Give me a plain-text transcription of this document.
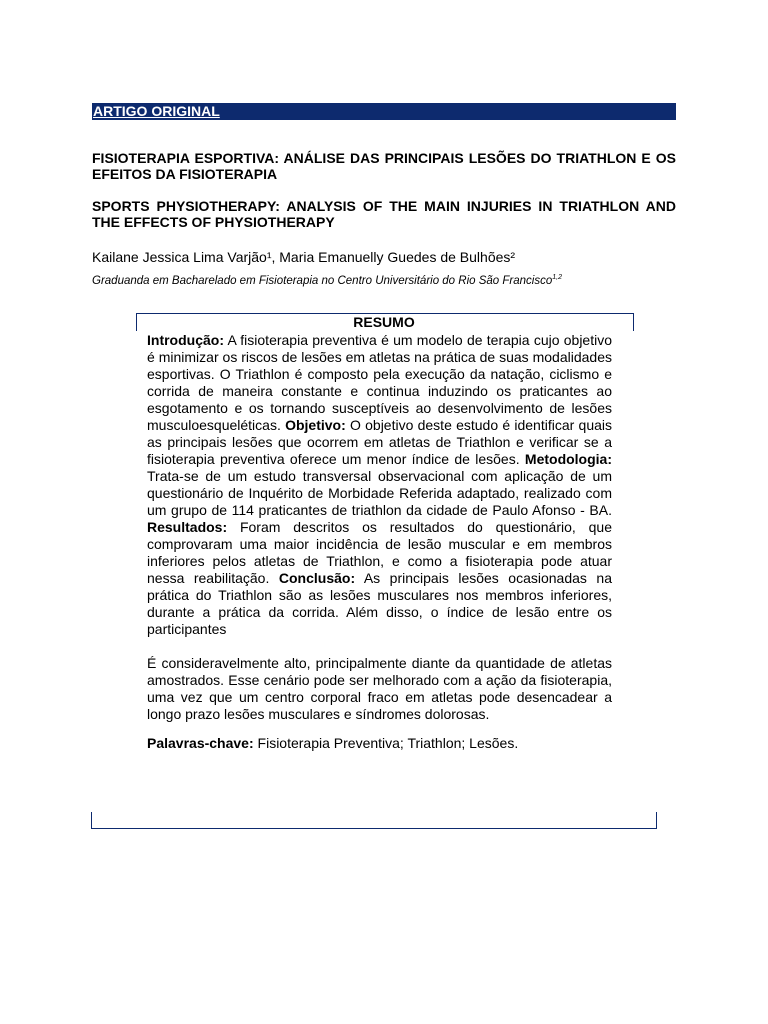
ARTIGO ORIGINAL
FISIOTERAPIA ESPORTIVA: ANÁLISE DAS PRINCIPAIS LESÕES DO TRIATHLON E OS EFEITOS DA FISIOTERAPIA
SPORTS PHYSIOTHERAPY: ANALYSIS OF THE MAIN INJURIES IN TRIATHLON AND THE EFFECTS OF PHYSIOTHERAPY
Kailane Jessica Lima Varjão¹, Maria Emanuelly Guedes de Bulhões²
Graduanda em Bacharelado em Fisioterapia no Centro Universitário do Rio São Francisco$^{1,2}$
RESUMO

Introdução: A fisioterapia preventiva é um modelo de terapia cujo objetivo é minimizar os riscos de lesões em atletas na prática de suas modalidades esportivas. O Triathlon é composto pela execução da natação, ciclismo e corrida de maneira constante e continua induzindo os praticantes ao esgotamento e os tornando susceptíveis ao desenvolvimento de lesões musculoesqueléticas. Objetivo: O objetivo deste estudo é identificar quais as principais lesões que ocorrem em atletas de Triathlon e verificar se a fisioterapia preventiva oferece um menor índice de lesões. Metodologia: Trata-se de um estudo transversal observacional com aplicação de um questionário de Inquérito de Morbidade Referida adaptado, realizado com um grupo de 114 praticantes de triathlon da cidade de Paulo Afonso - BA. Resultados: Foram descritos os resultados do questionário, que comprovaram uma maior incidência de lesão muscular e em membros inferiores pelos atletas de Triathlon, e como a fisioterapia pode atuar nessa reabilitação. Conclusão: As principais lesões ocasionadas na prática do Triathlon são as lesões musculares nos membros inferiores, durante a prática da corrida. Além disso, o índice de lesão entre os participantes

É consideravelmente alto, principalmente diante da quantidade de atletas amostrados. Esse cenário pode ser melhorado com a ação da fisioterapia, uma vez que um centro corporal fraco em atletas pode desencadear a longo prazo lesões musculares e síndromes dolorosas.

Palavras-chave: Fisioterapia Preventiva; Triathlon; Lesões.
